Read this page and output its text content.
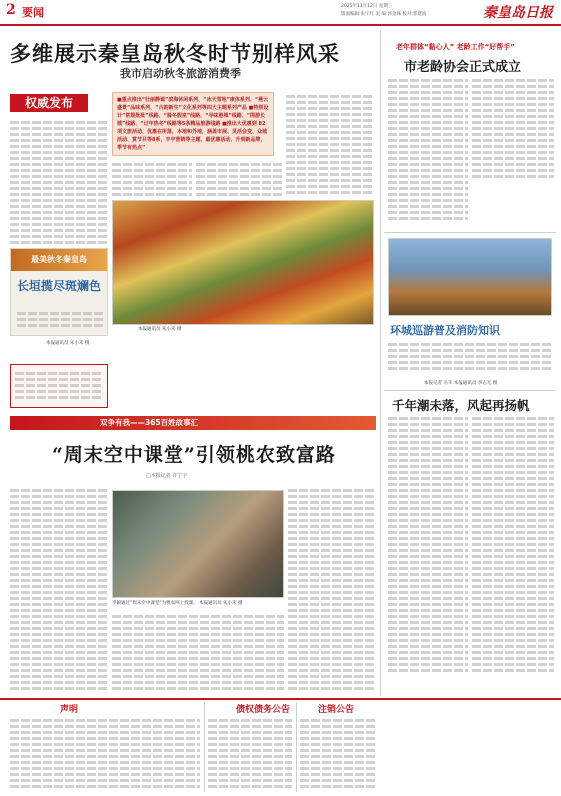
2 要闻	2025年11月12日 星期三
版面编辑:张宇红 美 编:郭金珠 校对:郭建波	秦皇岛日报
多维展示秦皇岛秋冬时节别样风采
我市启动秋冬旅游消费季
权威发布	■重点推出“壮丽静谧”滨海休闲系列、“冰天雪地”康体系列、“燕云盛景”品味系列、“古韵新生”文化系列等四大主题系列产品 ■特别设计“常规批批”线路、“骑冬假室”线路、“寻味港城”线路、“围游长城”线路、“过年热冬”线路等5条精品旅游线路 ■推出大优惠到 82项文旅活动、优惠在所落，本地和外地，涵盖市展、灵活会变、众城活动、赏节目等8系，丰宇营销等主题、最优惠活动，升到新品牌，季节有热点”
本报通讯员 朱小禾 摄
最美秋冬秦皇岛
长垣揽尽斑斓色
本报通讯员 朱小禾 摄
老年群体“黏心人” 老龄工作“好帮手”
市老龄协会正式成立
环城巡游普及消防知识
本报记者 冯辛 本报通讯员 李志光 摄
千年潮未落，风起再扬帆
双争有我——365百姓故事汇
“周末空中课堂”引领桃农致富路
□本报记者 许宁宇
李颖通过“周末空中课堂”为桃农网上授课。 本报通讯员 朱小禾 摄
声明	债权债务公告	注销公告
